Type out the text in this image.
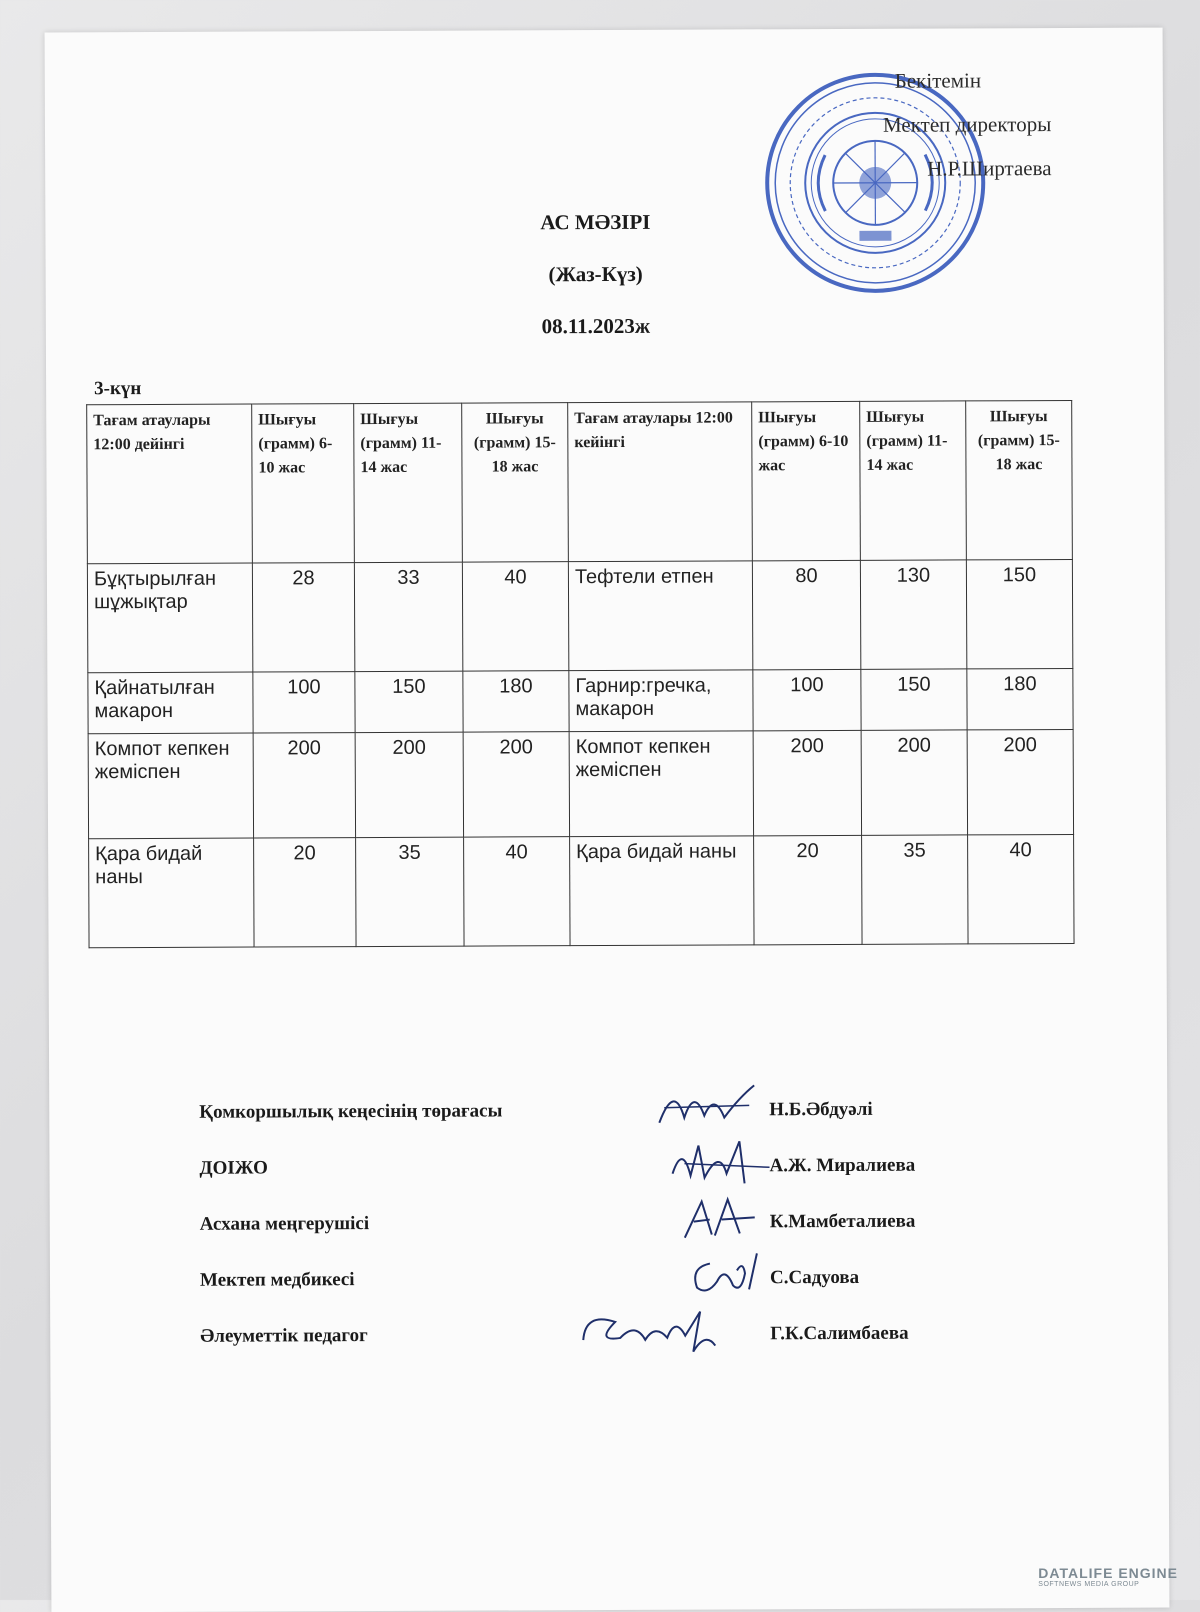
Бекітемін
Мектеп директоры
Н.Р.Ширтаева
АС МӘЗІРІ
(Жаз-Күз)
08.11.2023ж
3-күн
Тағам атаулары 12:00 дейінгі	Шығуы (грамм) 6-10 жас	Шығуы (грамм) 11-14 жас	Шығуы (грамм) 15-18 жас	Тағам атаулары 12:00 кейінгі	Шығуы (грамм) 6-10 жас	Шығуы (грамм) 11-14 жас	Шығуы (грамм) 15-18 жас
Бұқтырылған шұжықтар	28	33	40	Тефтели етпен	80	130	150
Қайнатылған макарон	100	150	180	Гарнир:гречка, макарон	100	150	180
Компот кепкен жеміспен	200	200	200	Компот кепкен жеміспен	200	200	200
Қара бидай наны	20	35	40	Қара бидай наны	20	35	40
Қомкоршылық кеңесінің төрағасы	Н.Б.Әбдуәлі
ДОІЖО	А.Ж. Миралиева
Асхана меңгерушісі	К.Мамбеталиева
Мектеп медбикесі	С.Садуова
Әлеуметтік педагог	Г.К.Салимбаева
DATALIFE ENGINE
SOFTNEWS MEDIA GROUP
